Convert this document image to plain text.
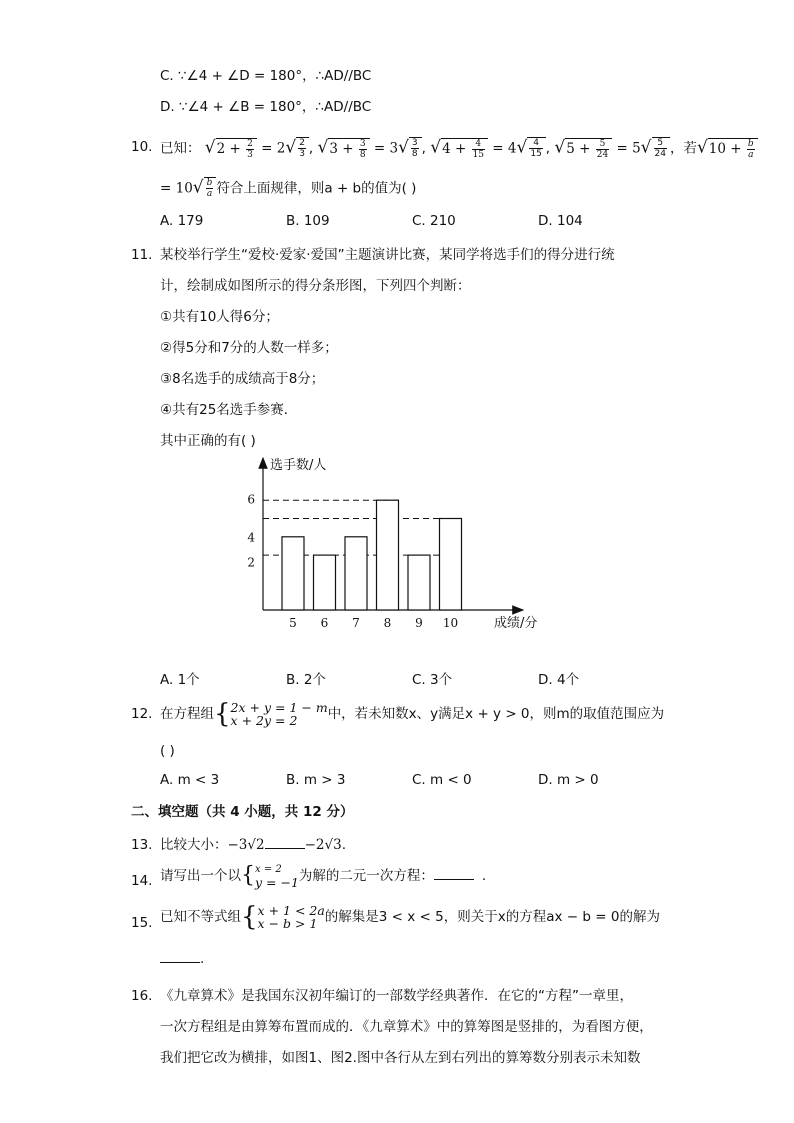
C. ∵∠4 + ∠D = 180°，∴AD//BC
D. ∵∠4 + ∠B = 180°，∴AD//BC
10. 已知： $√2 + \frac{2}{3} = 2√ \frac{2}{3}$ , $√3 + \frac{3}{8} = 3√ \frac{3}{8}$ , $√4 + \frac{4}{15} = 4√ \frac{4}{15}$ , $√5 + \frac{5}{24} = 5√ \frac{5}{24}$ ，若$√10 + \frac{b}{a}$
= $10√ \frac{b}{a}$ 符合上面规律，则a + b的值为( )
A. 179	B. 109	C. 210	D. 104
11. 某校举行学生“爱校·爱家·爱国”主题演讲比赛，某同学将选手们的得分进行统
计，绘制成如图所示的得分条形图，下列四个判断：
①共有10人得6分；
②得5分和7分的人数一样多；
③8名选手的成绩高于8分；
④共有25名选手参赛．
其中正确的有( )
选手数/人
成绩/分
5 6 7 8 9 10
2
4
6
A. 1个	B. 2个	C. 3个	D. 4个
12. 在方程组{ 2x + y = 1 − m
x + 2y = 2	中，若未知数x、y满足x + y > 0，则m的取值范围应为
( )
A. m < 3	B. m > 3	C. m < 0	D. m > 0
二、填空题（共 4 小题，共 12 分）
13. 比较大小：−3√2	−2√3.
14. 请写出一个以{ x = 2
y = −1 为解的二元一次方程：	.
15. 已知不等式组{ x + 1 < 2a
x − b > 1 的解集是3 < x < 5，则关于x的方程ax − b = 0的解为
.
16. 《九章算术》是我国东汉初年编订的一部数学经典著作．在它的“方程”一章里，
一次方程组是由算筹布置而成的．《九章算术》中的算筹图是竖排的，为看图方便，
我们把它改为横排，如图1、图2.图中各行从左到右列出的算筹数分别表示未知数
